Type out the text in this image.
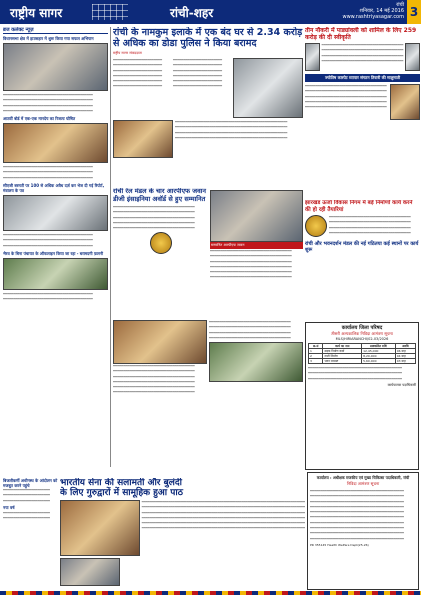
राष्ट्रीय सागर	रांची-शहर
रांची
शनिवार, 14 मई 2016
www.rashtriyasagar.com 3
ब्रज कलेक्ट न्यूज़
विधानसभा क्षेत्र में हाउसहार में शुरू किया गया सफल अभियान

━━━━━━━━━━━━━━━━━━━━━━━━━━━━━━━━━━━━━━━━━━━━

━━━━━━━━━━━━━━━━━━━━━━━━━━━━━━━━━━━━━━━━━━━━

━━━━━━━━━━━━━━━━━━━━━━━━━━━━━━━━━━━━━━━━━━━━

━━━━━━━━━━━━━━━━━━━━━━━━━━━━━━━━━━━━━━━━━━━━

आठवीं बोर्ड में एक-एक मानदेय का रिजल्ट घोषित

━━━━━━━━━━━━━━━━━━━━━━━━━━━━━━━━━━━━━━━━━━━━

━━━━━━━━━━━━━━━━━━━━━━━━━━━━━━━━━━━━━━━━━━━━

━━━━━━━━━━━━━━━━━━━━━━━━━━━━━━━━━━━━━━━━━━━━

सीएजी बरमती पर 100 से अधिक अवैध दर्ज़ कर भेज दी गई रिपोर्ट, मंत्रालय के पत्र

━━━━━━━━━━━━━━━━━━━━━━━━━━━━━━━━━━━━━━━━━━━━

━━━━━━━━━━━━━━━━━━━━━━━━━━━━━━━━━━━━━━━━━━━━

━━━━━━━━━━━━━━━━━━━━━━━━━━━━━━━━━━━━━━━━━━━━

भैरव के बिना पंचायत के ऑफलाइन किया जा रहा - बरामदगी फ़लनी

━━━━━━━━━━━━━━━━━━━━━━━━━━━━━━━━━━━━━━━━━━━━

━━━━━━━━━━━━━━━━━━━━━━━━━━━━━━━━━━━━━━━━━━━━

रांची के नामकुम इलाके में एक बंद घर से 2.34 करोड़ से अधिक का डोडा पुलिस ने किया बरामद
राष्ट्रीय सागर संवाददाता

━━━━━━━━━━━━━━━━━━━━━━━━

━━━━━━━━━━━━━━━━━━━━━━━━

━━━━━━━━━━━━━━━━━━━━━━━━

━━━━━━━━━━━━━━━━━━━━━━━━

━━━━━━━━━━━━━━━━━━━━━━━━

━━━━━━━━━━━━━━━━━━━━━━━━

━━━━━━━━━━━━━━━━━━━━━━━━

━━━━━━━━━━━━━━━━━━━━━━━━

━━━━━━━━━━━━━━━━━━━━━━━━

━━━━━━━━━━━━━━━━━━━━━━━━

━━━━━━━━━━━━━━━━━━━━━━━━

━━━━━━━━━━━━━━━━━━━━━━━━

━━━━━━━━━━━━━━━━━━━━━━━━━━━━━━━━━━━━━━━━━━━━━━━━━━━━━━━

━━━━━━━━━━━━━━━━━━━━━━━━━━━━━━━━━━━━━━━━━━━━━━━━━━━━━━━

━━━━━━━━━━━━━━━━━━━━━━━━━━━━━━━━━━━━━━━━━━━━━━━━━━━━━━━

━━━━━━━━━━━━━━━━━━━━━━━━━━━━━━━━━━━━━━━━━━━━━━━━━━━━━━━

रांची रेल मंडल के चार आरपीएफ जवान डीजी इंसाइनिया अवॉर्ड से हुए सम्मानित

━━━━━━━━━━━━━━━━━━━━━━━━━━━━━━━━━━━━━━━━

━━━━━━━━━━━━━━━━━━━━━━━━━━━━━━━━━━━━━━━━

━━━━━━━━━━━━━━━━━━━━━━━━━━━━━━━━━━━━━━━━

━━━━━━━━━━━━━━━━━━━━━━━━━━━━━━━━━━━━━━━━

━━━━━━━━━━━━━━━━━━━━━━━━━━━━━━━━━━━━━━━━

सम्मानित आरपीएफ जवान

━━━━━━━━━━━━━━━━━━━━━━━━━━━━━━━━━━━━━━━━

━━━━━━━━━━━━━━━━━━━━━━━━━━━━━━━━━━━━━━━━

━━━━━━━━━━━━━━━━━━━━━━━━━━━━━━━━━━━━━━━━

━━━━━━━━━━━━━━━━━━━━━━━━━━━━━━━━━━━━━━━━

━━━━━━━━━━━━━━━━━━━━━━━━━━━━━━━━━━━━━━━━

━━━━━━━━━━━━━━━━━━━━━━━━━━━━━━━━━━━━━━━━

━━━━━━━━━━━━━━━━━━━━━━━━━━━━━━━━━━━━━━━━

━━━━━━━━━━━━━━━━━━━━━━━━━━━━━━━━━━━━━━━━

━━━━━━━━━━━━━━━━━━━━━━━━━━━━━━━━━━━━━━━━

━━━━━━━━━━━━━━━━━━━━━━━━━━━━━━━━━━━━━━━━

━━━━━━━━━━━━━━━━━━━━━━━━━━━━━━━━━━━━━━━━

━━━━━━━━━━━━━━━━━━━━━━━━━━━━━━━━━━━━━━━━

━━━━━━━━━━━━━━━━━━━━━━━━━━━━━━━━━━━━━━━━

━━━━━━━━━━━━━━━━━━━━━━━━━━━━━━━━━━━━━━━━

━━━━━━━━━━━━━━━━━━━━━━━━━━━━━━━━━━━━━━━━

━━━━━━━━━━━━━━━━━━━━━━━━━━━━━━━━━━━━━━━━

झारखंड ऊर्जा विकास निगम में बड़े निर्माणों कार्य करने की हो रही तैयारियां

━━━━━━━━━━━━━━━━━━━━━━━━━━━━━━━━━━━━━━━━

━━━━━━━━━━━━━━━━━━━━━━━━━━━━━━━━━━━━━━━━

━━━━━━━━━━━━━━━━━━━━━━━━━━━━━━━━━━━━━━━━

━━━━━━━━━━━━━━━━━━━━━━━━━━━━━━━━━━━━━━━━

रांची और भवनदर्शन मंडल की नई गठितया कई स्थानों पर कार्य शुरू
तीन नौकरी में पाड्यांवली को शामिल के लिए 259 करोड़ की दी स्वीकृति

━━━━━━━━━━━━━━━━━━━━━━━━━━━━━━━━━━━━━━━━

━━━━━━━━━━━━━━━━━━━━━━━━━━━━━━━━━━━━━━━━

━━━━━━━━━━━━━━━━━━━━━━━━━━━━━━━━━━━━━━━━

━━━━━━━━━━━━━━━━━━━━━━━━━━━━━━━━━━━━━━━━

ज्योतिष कारपेट व्यापार संगठन तिवारी की मालुमाती

━━━━━━━━━━━━━━━━━━━━━━━━━━━━━━━━━━━━━━━━

━━━━━━━━━━━━━━━━━━━━━━━━━━━━━━━━━━━━━━━━

━━━━━━━━━━━━━━━━━━━━━━━━━━━━━━━━━━━━━━━━

━━━━━━━━━━━━━━━━━━━━━━━━━━━━━━━━━━━━━━━━

━━━━━━━━━━━━━━━━━━━━━━━━━━━━━━━━━━━━━━━━

कार्यालय जिला परिषद
तीसरी अल्पकालिक निविदा आमंत्रण सूचना
MLS/HIRIARANCHI/02-03/2026
क्र.सं	कार्य का नाम	प्राक्कलित राशि	अवधि
1	सड़क निर्माण कार्य	12,45,000	06 माह
2	नाली निर्माण	8,20,000	04 माह
3	भवन मरम्मत	5,60,000	03 माह

━━━━━━━━━━━━━━━━━━━━━━━━━━━━━━━━━━━━━━━━━━━━━━

━━━━━━━━━━━━━━━━━━━━━━━━━━━━━━━━━━━━━━━━━━━━━━

━━━━━━━━━━━━━━━━━━━━━━━━━━━━━━━━━━━━━━━━━━━━━━

कार्यपालक पदाधिकारी
बिजलीकर्मी अधीनस्थ के आंदोलन को मजबूत करने पहुंचे

━━━━━━━━━━━━━━━━━━━━━━━

━━━━━━━━━━━━━━━━━━━━━━━

━━━━━━━━━━━━━━━━━━━━━━━

नया वर्ष

━━━━━━━━━━━━━━━━━━━━━━━

━━━━━━━━━━━━━━━━━━━━━━━

भारतीय सेना की सलामती और बुलंदी
के लिए गुरुद्वारों में सामूहिक हुआ पाठ

━━━━━━━━━━━━━━━━━━━━━━━━━━━━━━━━━━━━━━━━━━━━━━━━━━━━━━━━━━━━━━━━━━━━━━━━━━━━━━━━

━━━━━━━━━━━━━━━━━━━━━━━━━━━━━━━━━━━━━━━━━━━━━━━━━━━━━━━━━━━━━━━━━━━━━━━━━━━━━━━━

━━━━━━━━━━━━━━━━━━━━━━━━━━━━━━━━━━━━━━━━━━━━━━━━━━━━━━━━━━━━━━━━━━━━━━━━━━━━━━━━

━━━━━━━━━━━━━━━━━━━━━━━━━━━━━━━━━━━━━━━━━━━━━━━━━━━━━━━━━━━━━━━━━━━━━━━━━━━━━━━━

━━━━━━━━━━━━━━━━━━━━━━━━━━━━━━━━━━━━━━━━━━━━━━━━━━━━━━━━━━━━━━━━━━━━━━━━━━━━━━━━

━━━━━━━━━━━━━━━━━━━━━━━━━━━━━━━━━━━━━━━━━━━━━━━━━━━━━━━━━━━━━━━━━━━━━━━━━━━━━━━━

कार्यालय : अधीक्षक राजकीय एवं मुख्य चिकित्सा पदाधिकारी, रांची
निविदा आमंत्रण सूचना

━━━━━━━━━━━━━━━━━━━━━━━━━━━━━━━━━━━━━━━━━━━━━━

━━━━━━━━━━━━━━━━━━━━━━━━━━━━━━━━━━━━━━━━━━━━━━

━━━━━━━━━━━━━━━━━━━━━━━━━━━━━━━━━━━━━━━━━━━━━━

━━━━━━━━━━━━━━━━━━━━━━━━━━━━━━━━━━━━━━━━━━━━━━

━━━━━━━━━━━━━━━━━━━━━━━━━━━━━━━━━━━━━━━━━━━━━━

━━━━━━━━━━━━━━━━━━━━━━━━━━━━━━━━━━━━━━━━━━━━━━

━━━━━━━━━━━━━━━━━━━━━━━━━━━━━━━━━━━━━━━━━━━━━━

━━━━━━━━━━━━━━━━━━━━━━━━━━━━━━━━━━━━━━━━━━━━━━

━━━━━━━━━━━━━━━━━━━━━━━━━━━━━━━━━━━━━━━━━━━━━━

━━━━━━━━━━━━━━━━━━━━━━━━━━━━━━━━━━━━━━━━━━━━━━

PR 355145 Health Welfare Dept(25-26)
